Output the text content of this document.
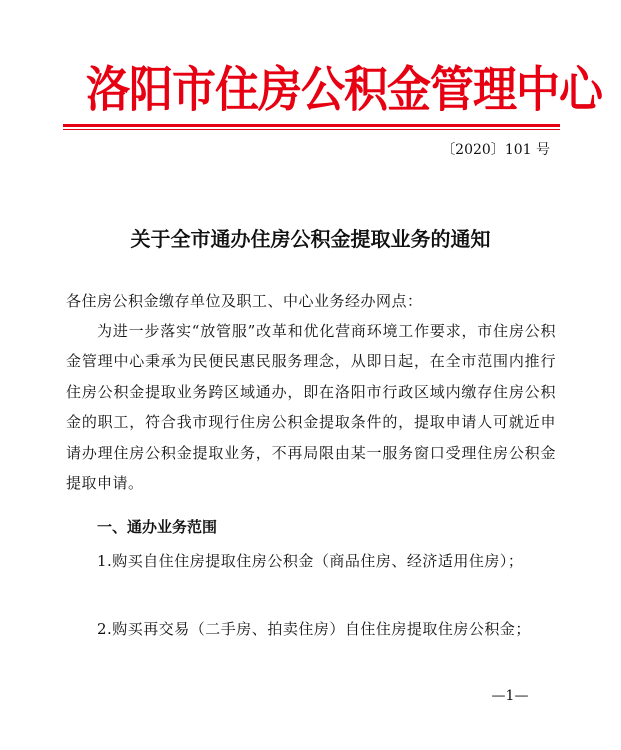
洛阳市住房公积金管理中心
〔2020〕101 号
关于全市通办住房公积金提取业务的通知
各住房公积金缴存单位及职工、中心业务经办网点：
为进一步落实“放管服”改革和优化营商环境工作要求，市住房公积金管理中心秉承为民便民惠民服务理念，从即日起，在全市范围内推行住房公积金提取业务跨区域通办，即在洛阳市行政区域内缴存住房公积金的职工，符合我市现行住房公积金提取条件的，提取申请人可就近申请办理住房公积金提取业务，不再局限由某一服务窗口受理住房公积金提取申请。
一、通办业务范围
1.购买自住住房提取住房公积金（商品住房、经济适用住房）；
2.购买再交易（二手房、拍卖住房）自住住房提取住房公积金；
—1—
